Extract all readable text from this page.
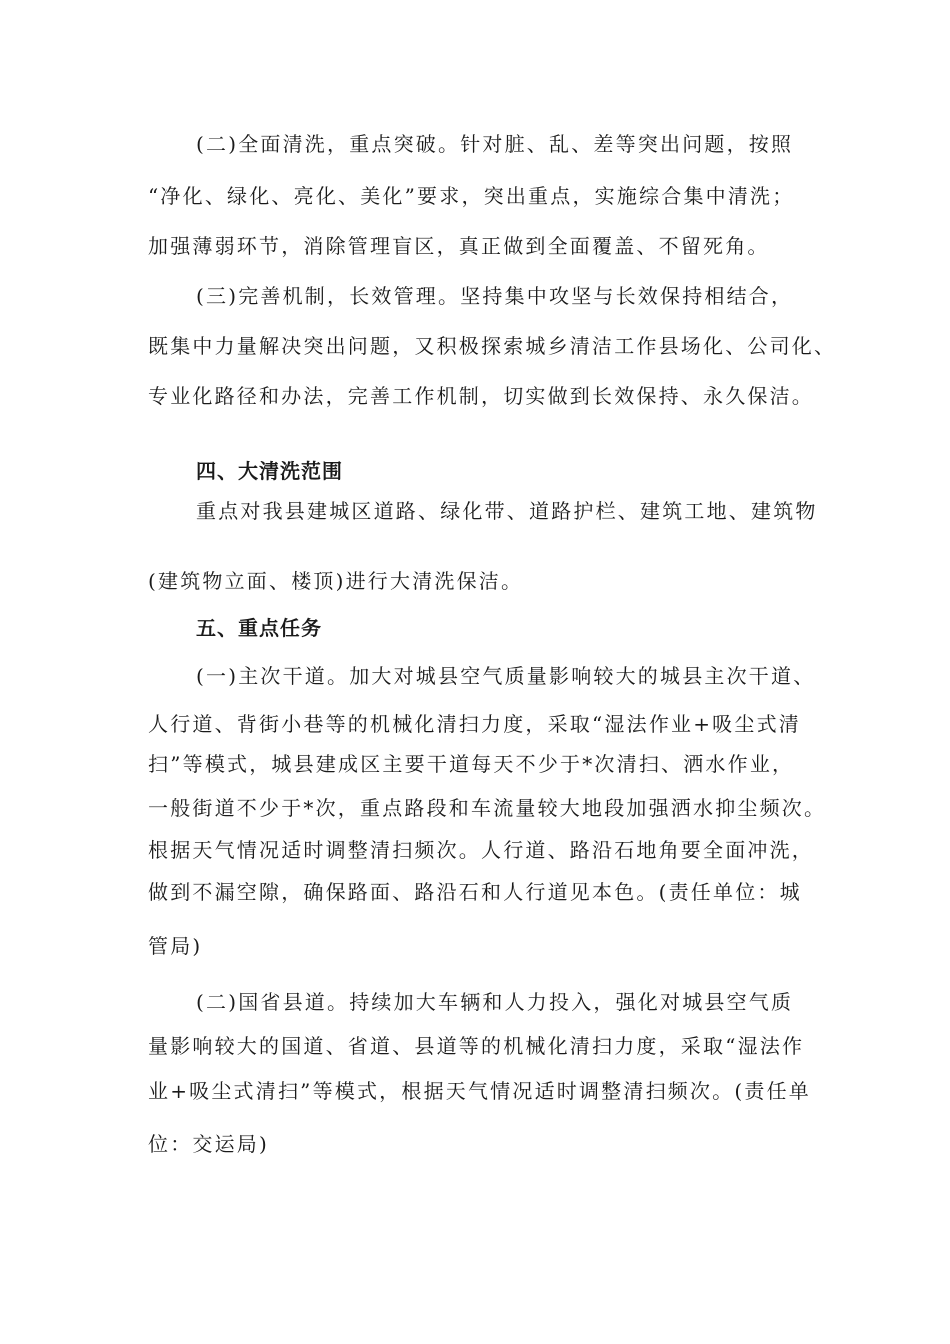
(二)全面清洗，重点突破。针对脏、乱、差等突出问题，按照
“净化、绿化、亮化、美化”要求，突出重点，实施综合集中清洗；
加强薄弱环节，消除管理盲区，真正做到全面覆盖、不留死角。
(三)完善机制，长效管理。坚持集中攻坚与长效保持相结合，
既集中力量解决突出问题，又积极探索城乡清洁工作县场化、公司化、
专业化路径和办法，完善工作机制，切实做到长效保持、永久保洁。
四、大清洗范围
重点对我县建城区道路、绿化带、道路护栏、建筑工地、建筑物
(建筑物立面、楼顶)进行大清洗保洁。
五、重点任务
(一)主次干道。加大对城县空气质量影响较大的城县主次干道、
人行道、背街小巷等的机械化清扫力度，采取“湿法作业+吸尘式清
扫”等模式，城县建成区主要干道每天不少于*次清扫、洒水作业，
一般街道不少于*次，重点路段和车流量较大地段加强洒水抑尘频次。
根据天气情况适时调整清扫频次。人行道、路沿石地角要全面冲洗，
做到不漏空隙，确保路面、路沿石和人行道见本色。(责任单位：城
管局)
(二)国省县道。持续加大车辆和人力投入，强化对城县空气质
量影响较大的国道、省道、县道等的机械化清扫力度，采取“湿法作
业+吸尘式清扫”等模式，根据天气情况适时调整清扫频次。(责任单
位：交运局)
